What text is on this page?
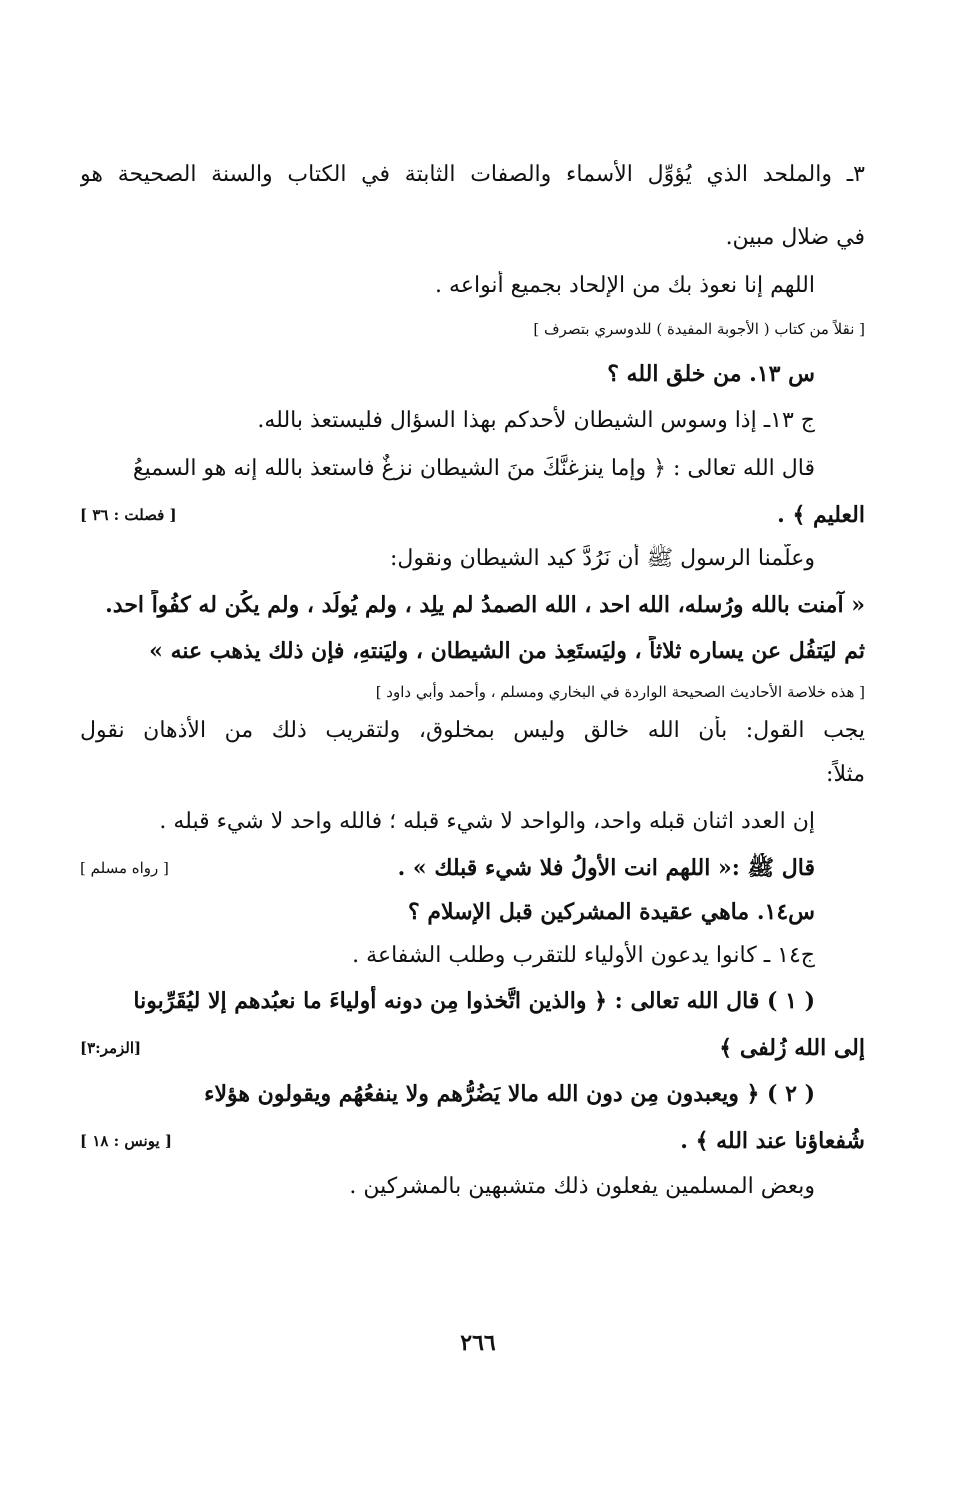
٣ـ والملحد الذي يُؤوِّل الأسماء والصفات الثابتة في الكتاب والسنة الصحيحة هو
في ضلال مبين.
اللهم إنا نعوذ بك من الإلحاد بجميع أنواعه .
[ نقلاً من كتاب ( الأجوبة المفيدة ) للدوسري بتصرف ]
س ١٣. من خلق الله ؟
ج ١٣ـ إذا وسوس الشيطان لأحدكم بهذا السؤال فليستعذ بالله.
قال الله تعالى : ﴿ وإما ينزغنَّكَ منَ الشيطان نزغٌ فاستعذ بالله إنه هو السميعُ
العليم ﴾ .
[ فصلت : ٣٦ ]
وعلَّمنا الرسول ﷺ أن نَرُدَّ كيد الشيطان ونقول:
« آمنت بالله ورُسله، الله احد ، الله الصمدُ لم يلِد ، ولم يُولَد ، ولم يكُن له كفُواً احد.
ثم ليَتفُل عن يساره ثلاثاً ، وليَستَعِذ من الشيطان ، وليَنتهِ، فإن ذلك يذهب عنه »
[ هذه خلاصة الأحاديث الصحيحة الواردة في البخاري ومسلم ، وأحمد وأبي داود ]
يجب القول: بأن الله خالق وليس بمخلوق، ولتقريب ذلك من الأذهان نقول
مثلاً:
إن العدد اثنان قبله واحد، والواحد لا شيء قبله ؛ فالله واحد لا شيء قبله .
قال ﷺ :« اللهم انت الأولُ فلا شيء قبلك » .
[ رواه مسلم ]
س١٤. ماهي عقيدة المشركين قبل الإسلام ؟
ج١٤ ـ كانوا يدعون الأولياء للتقرب وطلب الشفاعة .
( ١ ) قال الله تعالى : ﴿ والذين اتَّخذوا مِن دونه أولياءَ ما نعبُدهم إلا ليُقَرِّبونا
إلى الله زُلفى ﴾
[الزمر:٣]
( ٢ ) ﴿ ويعبدون مِن دون الله مالا يَضُرُّهم ولا ينفعُهُم ويقولون هؤلاء
شُفعاؤنا عند الله ﴾ .
[ يونس : ١٨ ]
وبعض المسلمين يفعلون ذلك متشبهين بالمشركين .
٢٦٦
